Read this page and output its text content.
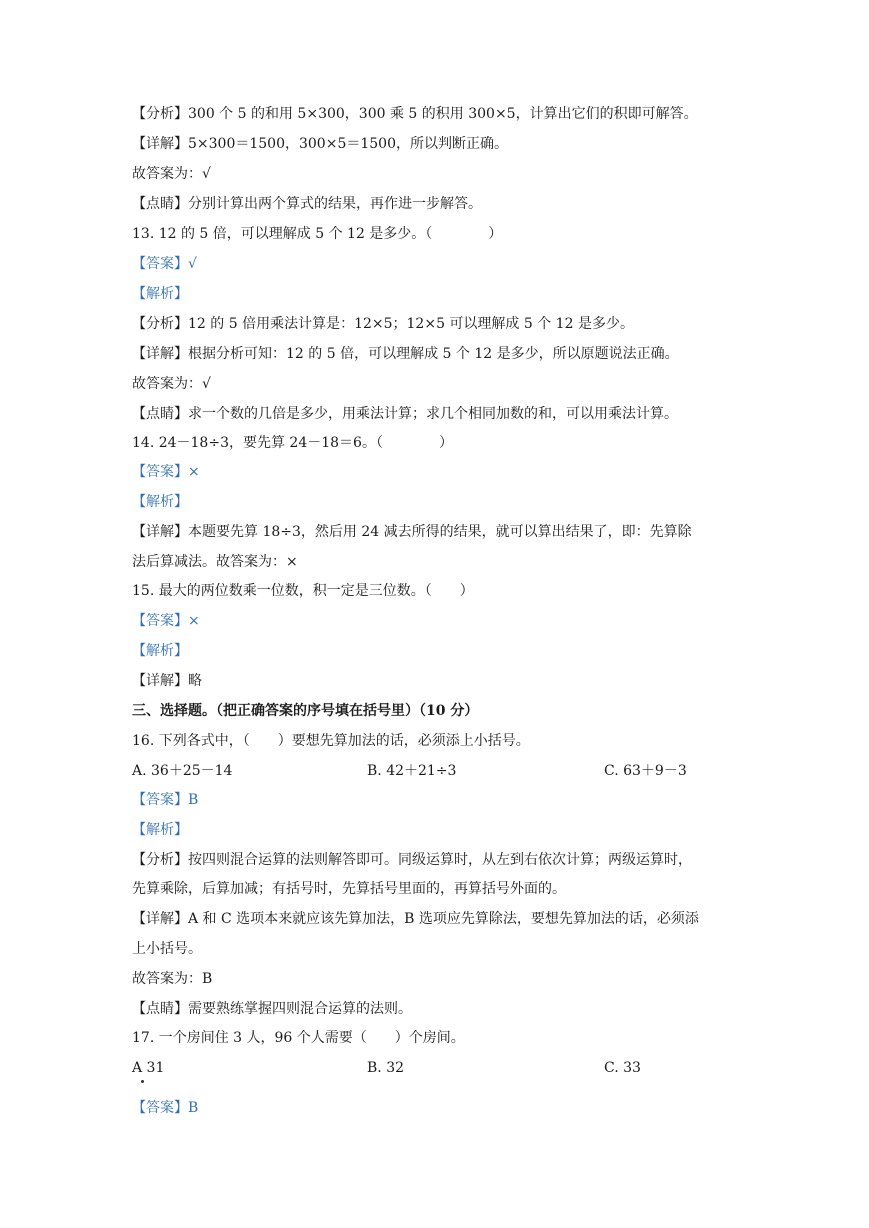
【分析】300 个 5 的和用 5×300，300 乘 5 的积用 300×5，计算出它们的积即可解答。
【详解】5×300＝1500，300×5＝1500，所以判断正确。
故答案为：√
【点睛】分别计算出两个算式的结果，再作进一步解答。
13. 12 的 5 倍，可以理解成 5 个 12 是多少。（　　　　）
【答案】√
【解析】
【分析】12 的 5 倍用乘法计算是：12×5；12×5 可以理解成 5 个 12 是多少。
【详解】根据分析可知：12 的 5 倍，可以理解成 5 个 12 是多少，所以原题说法正确。
故答案为：√
【点睛】求一个数的几倍是多少，用乘法计算；求几个相同加数的和，可以用乘法计算。
14. 24－18÷3，要先算 24－18＝6。（　　　　）
【答案】×
【解析】
【详解】本题要先算 18÷3，然后用 24 减去所得的结果，就可以算出结果了，即：先算除
法后算减法。故答案为：×
15. 最大的两位数乘一位数，积一定是三位数。（　　）
【答案】×
【解析】
【详解】略
三、选择题。（把正确答案的序号填在括号里）（10 分）
16. 下列各式中，（　　）要想先算加法的话，必须添上小括号。
A. 36＋25－14	B. 42＋21÷3	C. 63＋9－3
【答案】B
【解析】
【分析】按四则混合运算的法则解答即可。同级运算时，从左到右依次计算；两级运算时，
先算乘除，后算加减；有括号时，先算括号里面的，再算括号外面的。
【详解】A 和 C 选项本来就应该先算加法，B 选项应先算除法，要想先算加法的话，必须添
上小括号。
故答案为：B
【点睛】需要熟练掌握四则混合运算的法则。
17. 一个房间住 3 人，96 个人需要（　　）个房间。
A 31	B. 32	C. 33
【答案】B
